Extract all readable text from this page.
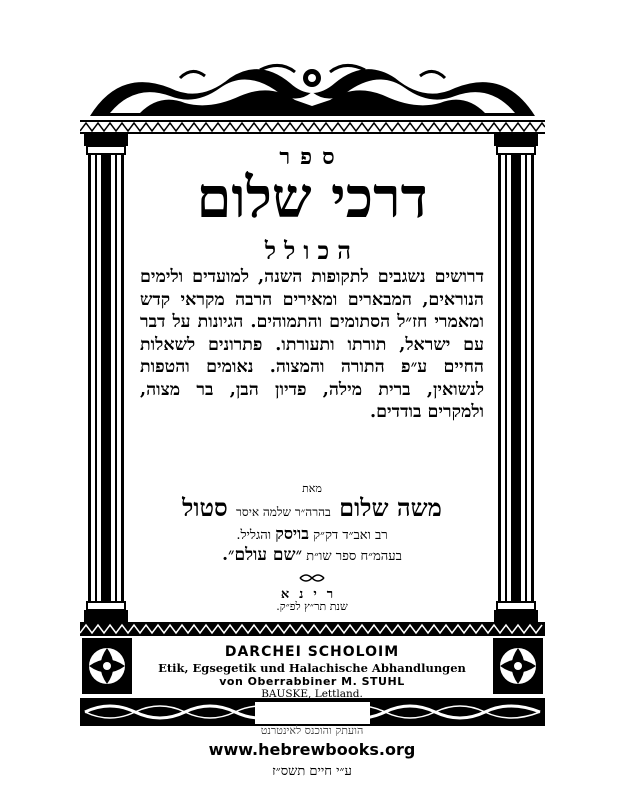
ספר
דרכי שלום
הכולל
דרושים נשגבים לתקופות השנה, למועדים ולימים הנוראים, המבארים ומאירים הרבה מקראי קדש ומאמרי חז״ל הסתומים והתמוהים. הגיונות על דבר עם ישראל, תורתו ותעורתו. פתרונים לשאלות החיים ע״פ התורה והמצוה. נאומים והטפות לנשואין, ברית מילה, פדיון הבן, בר מצוה, ולמקרים בודדים.
מאת
משה שלום בהרה״ר שלמה איסר סטול
רב ואב״ד דק״ק בויסק והגליל.
בעהמ״ח ספר שו״ת ״שם עולם״.
רינא
שנת תר״ץ לפ״ק.
DARCHEI SCHOLOIM
Etik, Egsegetik und Halachische Abhandlungen
von Oberrabbiner M. STUHL
BAUSKE, Lettland.
הועתק והוכנס לאינטרנט
www.hebrewbooks.org
ע״י חיים תשס״ז
